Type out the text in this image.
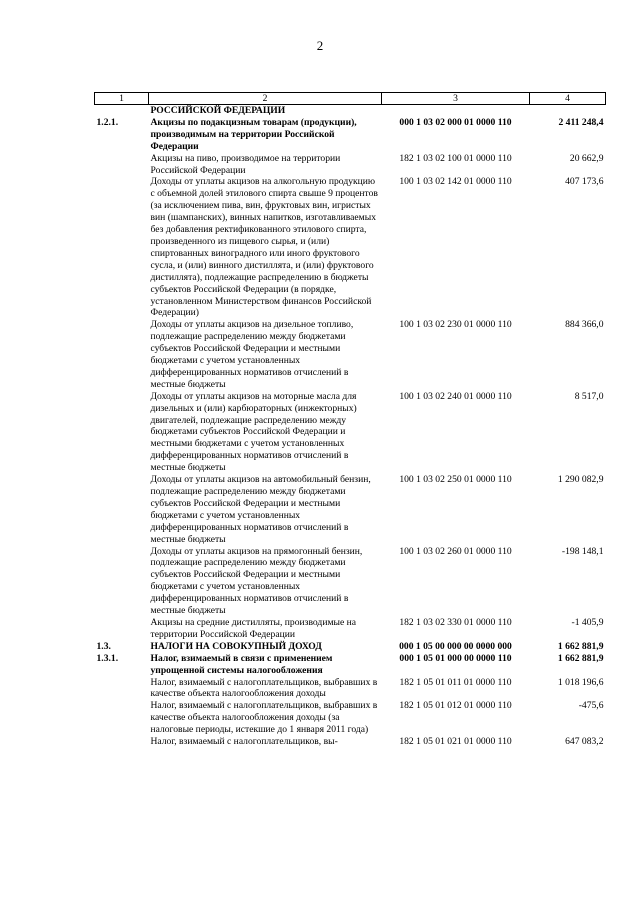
2
1	2	3	4
	РОССИЙСКОЙ ФЕДЕРАЦИИ		
1.2.1.	Акцизы по подакцизным товарам (продукции), производимым на территории Российской Федерации	000 1 03 02 000 01 0000 110	2 411 248,4
	Акцизы на пиво, производимое на территории Российской Федерации	182 1 03 02 100 01 0000 110	20 662,9
	Доходы от уплаты акцизов на алкогольную продукцию с объемной долей этилового спирта свыше 9 процентов (за исключением пива, вин, фруктовых вин, игристых вин (шампанских), винных напитков, изготавливаемых без добавления ректификованного этилового спирта, произведенного из пищевого сырья, и (или) спиртованных виноградного или иного фруктового сусла, и (или) винного дистиллята, и (или) фруктового дистиллята), подлежащие распределению в бюджеты субъектов Российской Федерации (в порядке, установленном Министерством финансов Российской Федерации)	100 1 03 02 142 01 0000 110	407 173,6
	Доходы от уплаты акцизов на дизельное топливо, подлежащие распределению между бюджетами субъектов Российской Федерации и местными бюджетами с учетом установленных дифференцированных нормативов отчислений в местные бюджеты	100 1 03 02 230 01 0000 110	884 366,0
	Доходы от уплаты акцизов на моторные масла для дизельных и (или) карбюраторных (инжекторных) двигателей, подлежащие распределению между бюджетами субъектов Российской Федерации и местными бюджетами с учетом установленных дифференцированных нормативов отчислений в местные бюджеты	100 1 03 02 240 01 0000 110	8 517,0
	Доходы от уплаты акцизов на автомобильный бензин, подлежащие распределению между бюджетами субъектов Российской Федерации и местными бюджетами с учетом установленных дифференцированных нормативов отчислений в местные бюджеты	100 1 03 02 250 01 0000 110	1 290 082,9
	Доходы от уплаты акцизов на прямогонный бензин, подлежащие распределению между бюджетами субъектов Российской Федерации и местными бюджетами с учетом установленных дифференцированных нормативов отчислений в местные бюджеты	100 1 03 02 260 01 0000 110	-198 148,1
	Акцизы на средние дистилляты, производимые на территории Российской Федерации	182 1 03 02 330 01 0000 110	-1 405,9
1.3.	НАЛОГИ НА СОВОКУПНЫЙ ДОХОД	000 1 05 00 000 00 0000 000	1 662 881,9
1.3.1.	Налог, взимаемый в связи с применением упрощенной системы налогообложения	000 1 05 01 000 00 0000 110	1 662 881,9
	Налог, взимаемый с налогоплательщиков, выбравших в качестве объекта налогообложения доходы	182 1 05 01 011 01 0000 110	1 018 196,6
	Налог, взимаемый с налогоплательщиков, выбравших в качестве объекта налогообложения доходы (за налоговые периоды, истекшие до 1 января 2011 года)	182 1 05 01 012 01 0000 110	-475,6
	Налог, взимаемый с налогоплательщиков, вы-	182 1 05 01 021 01 0000 110	647 083,2
